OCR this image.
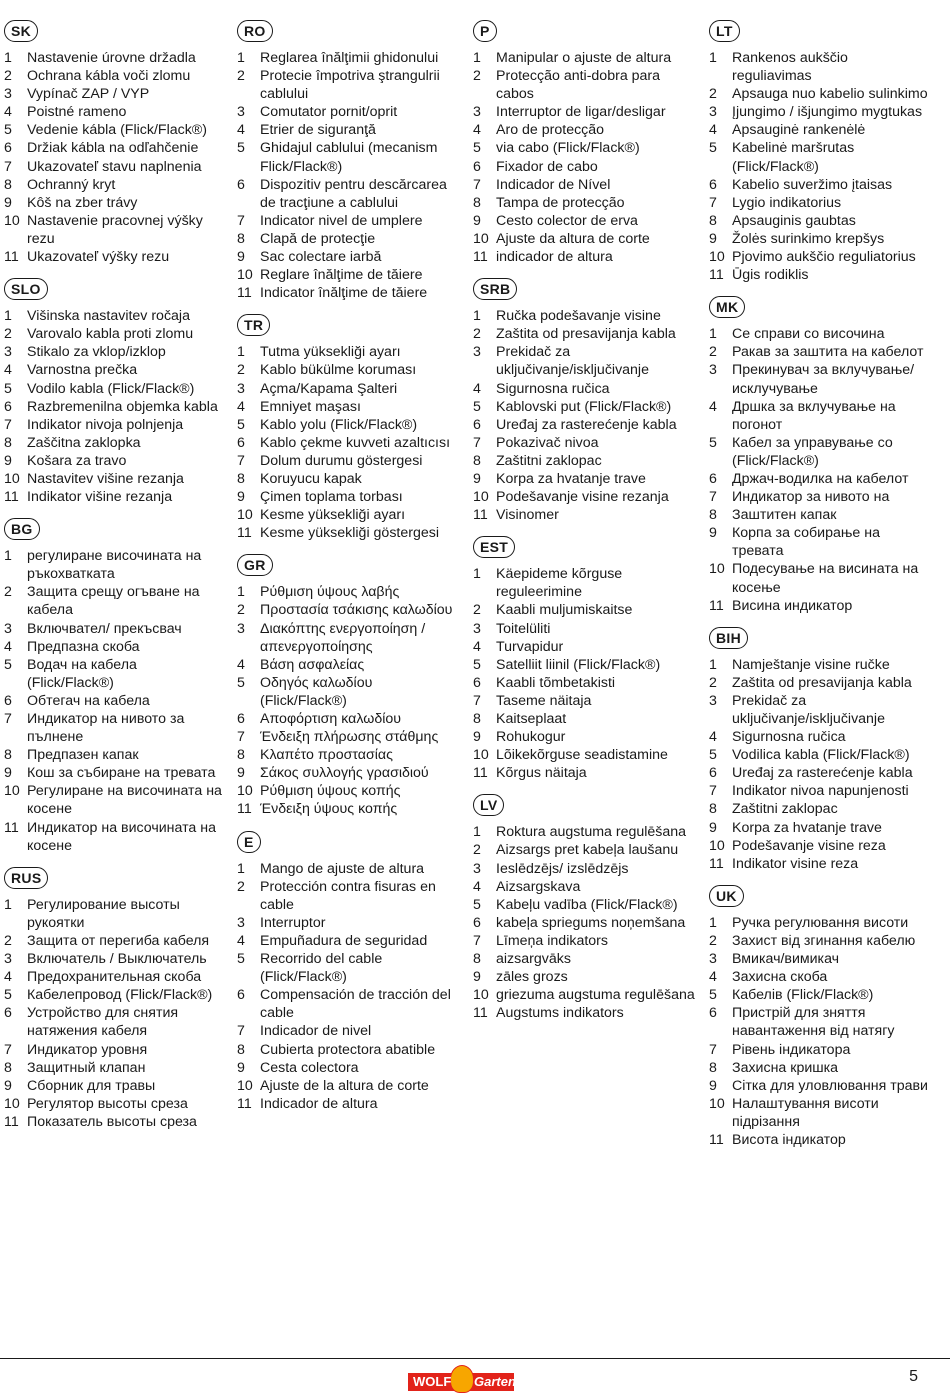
SK
1	Nastavenie úrovne držadla
2	Ochrana kábla voči zlomu
3	Vypínač ZAP / VYP
4	Poistné rameno
5	Vedenie kábla (Flick/Flack®)
6	Držiak kábla na odľahčenie
7	Ukazovateľ stavu naplnenia
8	Ochranný kryt
9	Kôš na zber trávy
10 Nastavenie pracovnej výšky rezu
11 Ukazovateľ výšky rezu
SLO
1	Višinska nastavitev ročaja
2	Varovalo kabla proti zlomu
3	Stikalo za vklop/izklop
4	Varnostna prečka
5	Vodilo kabla (Flick/Flack®)
6	Razbremenilna objemka kabla
7	Indikator nivoja polnjenja
8	Zaščitna zaklopka
9	Košara za travo
10 Nastavitev višine rezanja
11 Indikator višine rezanja
BG
1	регулиране височината на ръкохватката
2	Защита срещу огъване на кабела
3	Включвател/ прекъсвач
4	Предпазна скоба
5	Водач на кабела (Flick/Flack®)
6	Обтегач на кабела
7	Индикатор на нивото за пълнене
8	Предпазен капак
9	Кош за събиране на тревата
10 Регулиране на височината на косене
11 Индикатор на височината на косене
RUS
1	Регулирование высоты рукоятки
2	Защита от перегиба кабеля
3	Включатель / Выключатель
4	Предохранительная скоба
5	Кабелепровод (Flick/Flack®)
6	Устройство для снятия натяжения кабеля
7	Индикатор уровня
8	Защитный клапан
9	Сборник для травы
10 Регулятор высоты среза
11 Показатель высоты среза
RO
1	Reglarea înălţimii ghidonului
2	Protecie împotriva ştrangulrii cablului
3	Comutator pornit/oprit
4	Etrier de siguranţă
5	Ghidajul cablului (mecanism Flick/Flack®)
6	Dispozitiv pentru descărcarea de tracţiune a cablului
7	Indicator nivel de umplere
8	Clapă de protecţie
9	Sac colectare iarbă
10 Reglare înălţime de tăiere
11 Indicator înălţime de tăiere
TR
1	Tutma yüksekliği ayarı
2	Kablo bükülme koruması
3	Açma/Kapama Şalteri
4	Emniyet maşası
5	Kablo yolu (Flick/Flack®)
6	Kablo çekme kuvveti azaltıcısı
7	Dolum durumu göstergesi
8	Koruyucu kapak
9	Çimen toplama torbası
10 Kesme yüksekliği ayarı
11 Kesme yüksekliği göstergesi
GR
1	Ρύθμιση ύψους λαβής
2	Προστασία τσάκισης καλωδίου
3	Διακόπτης ενεργοποίηση / απενεργοποίησης
4	Βάση ασφαλείας
5	Οδηγός καλωδίου (Flick/Flack®)
6	Αποφόρτιση καλωδίου
7	Ένδειξη πλήρωσης στάθμης
8	Κλαπέτο προστασίας
9	Σάκος συλλογής γρασιδιού
10 Ρύθμιση ύψους κοπής
11 Ένδειξη ύψους κοπής
E
1	Mango de ajuste de altura
2	Protección contra fisuras en cable
3	Interruptor
4	Empuñadura de seguridad
5	Recorrido del cable (Flick/Flack®)
6	Compensación de tracción del cable
7	Indicador de nivel
8	Cubierta protectora abatible
9	Cesta colectora
10 Ajuste de la altura de corte
11 Indicador de altura
P
1	Manipular o ajuste de altura
2	Protecção anti-dobra para cabos
3	Interruptor de ligar/desligar
4	Aro de protecção
5	via cabo (Flick/Flack®)
6	Fixador de cabo
7	Indicador de Nível
8	Tampa de protecção
9	Cesto colector de erva
10 Ajuste da altura de corte
11 indicador de altura
SRB
1	Ručka podešavanje visine
2	Zaštita od presavijanja kabla
3	Prekidač za uključivanje/isključivanje
4	Sigurnosna ručica
5	Kablovski put (Flick/Flack®)
6	Uređaj za rasterećenje kabla
7	Pokazivač nivoa
8	Zaštitni zaklopac
9	Korpa za hvatanje trave
10 Podešavanje visine rezanja
11 Visinomer
EST
1	Käepideme kõrguse reguleerimine
2	Kaabli muljumiskaitse
3	Toitelüliti
4	Turvapidur
5	Satelliit liinil (Flick/Flack®)
6	Kaabli tõmbetakisti
7	Taseme näitaja
8	Kaitseplaat
9	Rohukogur
10 Lõikekõrguse seadistamine
11 Kõrgus näitaja
LV
1	Roktura augstuma regulēšana
2	Aizsargs pret kabeļa laušanu
3	Ieslēdzējs/ izslēdzējs
4	Aizsargskava
5	Kabeļu vadība (Flick/Flack®)
6	kabeļa spriegums noņemšana
7	Līmeņa indikators
8	aizsargvāks
9	zāles grozs
10 griezuma augstuma regulēšana
11 Augstums indikators
LT
1	Rankenos aukščio reguliavimas
2	Apsauga nuo kabelio sulinkimo
3	Įjungimo / išjungimo mygtukas
4	Apsauginė rankenėlė
5	Kabelinė maršrutas (Flick/Flack®)
6	Kabelio suveržimo įtaisas
7	Lygio indikatorius
8	Apsauginis gaubtas
9	Žolės surinkimo krepšys
10 Pjovimo aukščio reguliatorius
11 Ūgis rodiklis
MK
1	Се справи со височина
2	Ракав за заштита на кабелот
3	Прекинувач за вклучување/исклучување
4	Дршка за вклучување на погонот
5	Кабел за управување со (Flick/Flack®)
6	Држач-водилка на кабелот
7	Индикатор за нивото на
8	Заштитен капак
9	Корпа за собирање на тревата
10 Подесување на висината на косење
11 Висина индикатор
BIH
1	Namještanje visine ručke
2	Zaštita od presavijanja kabla
3	Prekidač za uključivanje/isključivanje
4	Sigurnosna ručica
5	Vodilica kabla (Flick/Flack®)
6	Uređaj za rasterećenje kabla
7	Indikator nivoa napunjenosti
8	Zaštitni zaklopac
9	Korpa za hvatanje trave
10 Podešavanje visine reza
11 Indikator visine reza
UK
1	Ручка регулювання висоти
2	Захист від згинання кабелю
3	Вмикач/вимикач
4	Захисна скоба
5	Кабелів (Flick/Flack®)
6	Пристрій для зняття навантаження від натягу
7	Рівень індикатора
8	Захисна кришка
9	Сітка для уловлювання трави
10 Налаштування висоти підрізання
11 Висота індикатор
WOLF Garten	5
